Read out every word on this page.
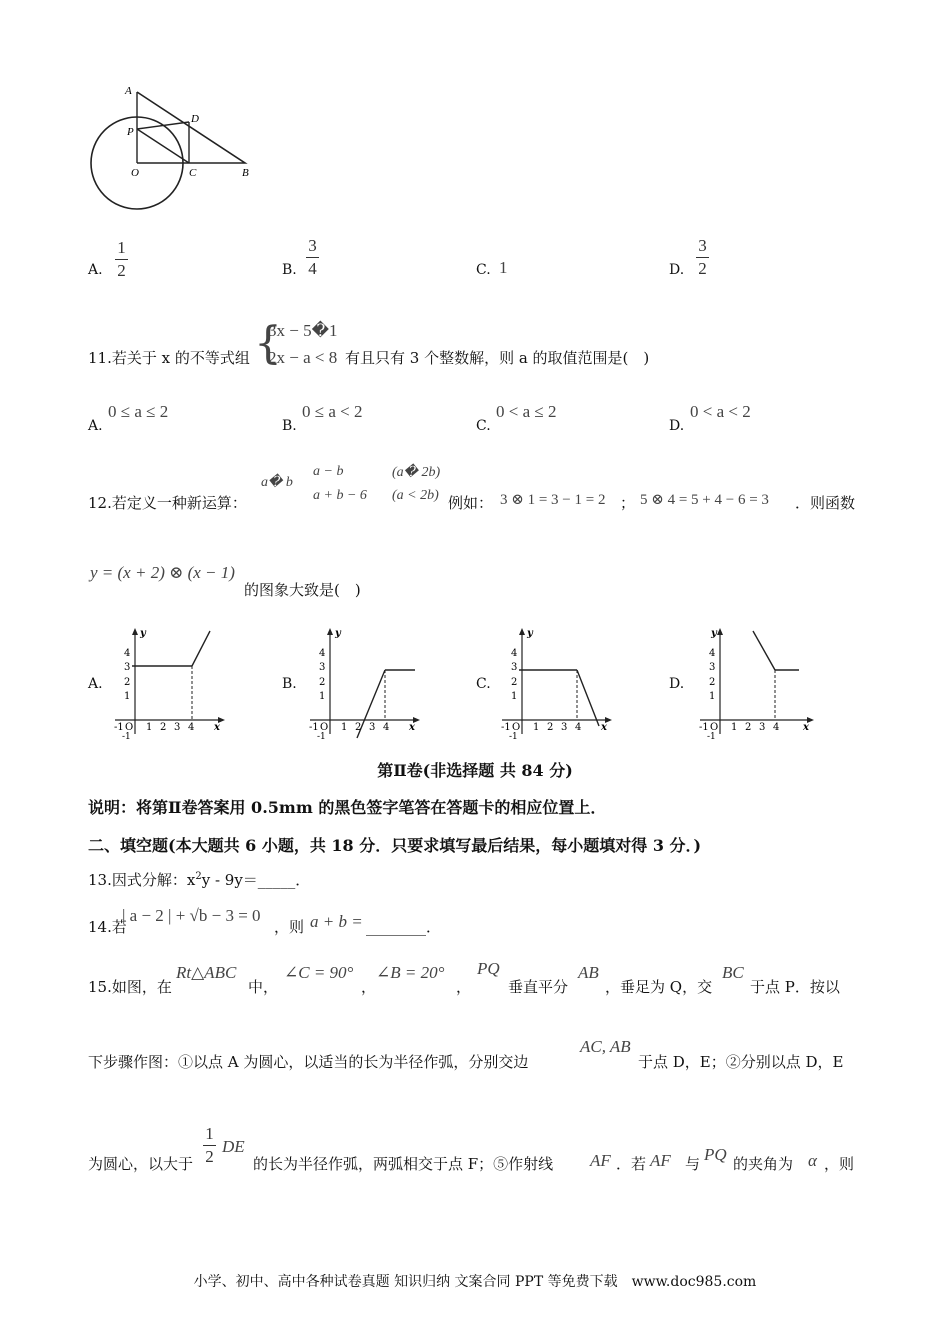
A
D
P
O	C	B
A.
1
2	B.
3
4	C. 1	D.
3
2
11.若关于 x 的不等式组 {
3x − 5�1
2x − a < 8 有且只有 3 个整数解，则 a 的取值范围是(　)
A.
0 ≤ a ≤ 2
B.
0 ≤ a < 2
C.
0 < a ≤ 2
D.
0 < a < 2
12.若定义一种新运算：
a� b
a − b	(a� 2b)
a + b − 6 (a < 2b) 例如： 3 ⊗ 1 = 3 − 1 = 2 ； 5 ⊗ 4 = 5 + 4 − 6 = 3 ．则函数
y = (x + 2) ⊗ (x − 1)
的图象大致是(　)
A.
y
x
4
3
2
1
-1 O 1 2 3 4
-1
B.
y
x
4
3
2
1
-1 O 1 2 3 4
-1
C.
y
x
4
3
2
1
-1 O 1 2 3 4
-1
D.
y
x
4
3
2
1
-1 O 1 2 3 4
-1
第Ⅱ卷(非选择题 共 84 分)
说明：将第Ⅱ卷答案用 0.5mm 的黑色签字笔答在答题卡的相应位置上．
二、填空题(本大题共 6 小题，共 18 分．只要求填写最后结果，每小题填对得 3 分．)
13.因式分解：$x^2y$ - 9y＝_____．
14.若
| a − 2 | + √b − 3 = 0
，则 a + b = ________．
15.如图，在
Rt△ABC
中，
∠C = 90°
，
∠B = 20°
，
PQ
垂直平分
AB
，垂足为 Q，交
BC
于点 P．按以
下步骤作图：①以点 A 为圆心，以适当的长为半径作弧，分别交边
AC, AB
于点 D，E；②分别以点 D，E
为圆心，以大于
1
2
DE
的长为半径作弧，两弧相交于点 F；⑤作射线 AF ．若 AF 与 PQ 的夹角为 α ，则
小学、初中、高中各种试卷真题 知识归纳 文案合同 PPT 等免费下载　www.doc985.com
